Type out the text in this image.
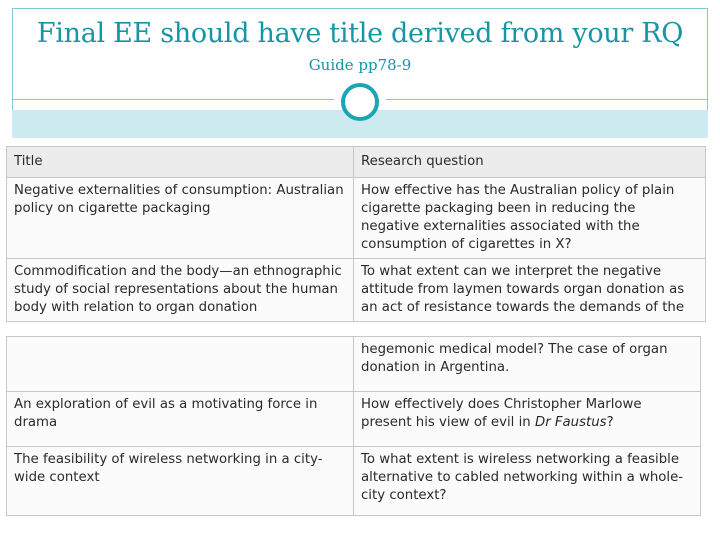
Final EE should have title derived from your RQ
Guide pp78-9
Title	Research question
Negative externalities of consumption: Australian policy on cigarette packaging	How effective has the Australian policy of plain cigarette packaging been in reducing the negative externalities associated with the consumption of cigarettes in X?
Commodification and the body—an ethnographic study of social representations about the human body with relation to organ donation	To what extent can we interpret the negative attitude from laymen towards organ donation as an act of resistance towards the demands of the
	hegemonic medical model? The case of organ donation in Argentina.
An exploration of evil as a motivating force in drama	How effectively does Christopher Marlowe present his view of evil in Dr Faustus?
The feasibility of wireless networking in a city-wide context	To what extent is wireless networking a feasible alternative to cabled networking within a whole-city context?
